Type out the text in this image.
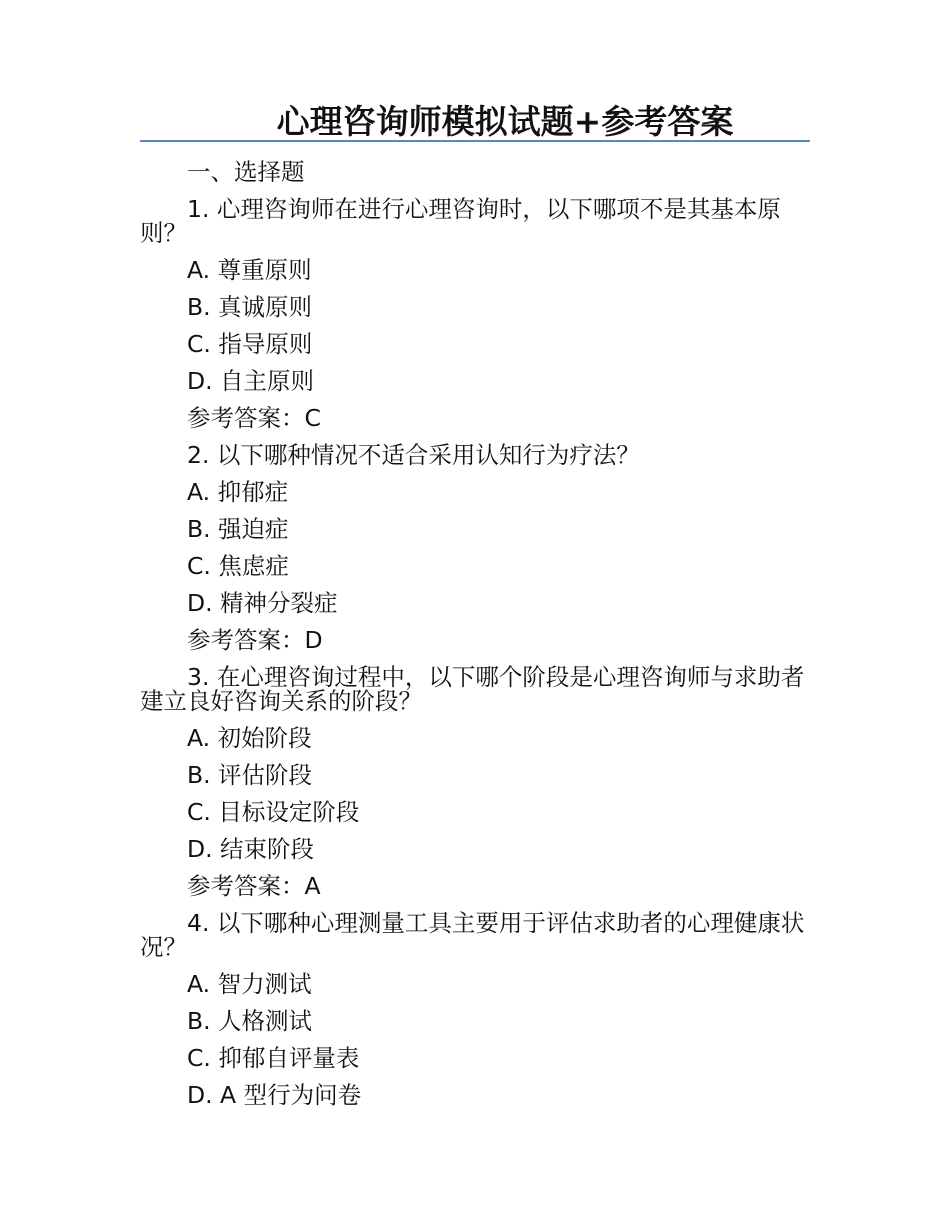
心理咨询师模拟试题+参考答案
一、选择题
1. 心理咨询师在进行心理咨询时，以下哪项不是其基本原则？
A. 尊重原则
B. 真诚原则
C. 指导原则
D. 自主原则
参考答案：C
2. 以下哪种情况不适合采用认知行为疗法？
A. 抑郁症
B. 强迫症
C. 焦虑症
D. 精神分裂症
参考答案：D
3. 在心理咨询过程中，以下哪个阶段是心理咨询师与求助者建立良好咨询关系的阶段？
A. 初始阶段
B. 评估阶段
C. 目标设定阶段
D. 结束阶段
参考答案：A
4. 以下哪种心理测量工具主要用于评估求助者的心理健康状况？
A. 智力测试
B. 人格测试
C. 抑郁自评量表
D. A 型行为问卷
